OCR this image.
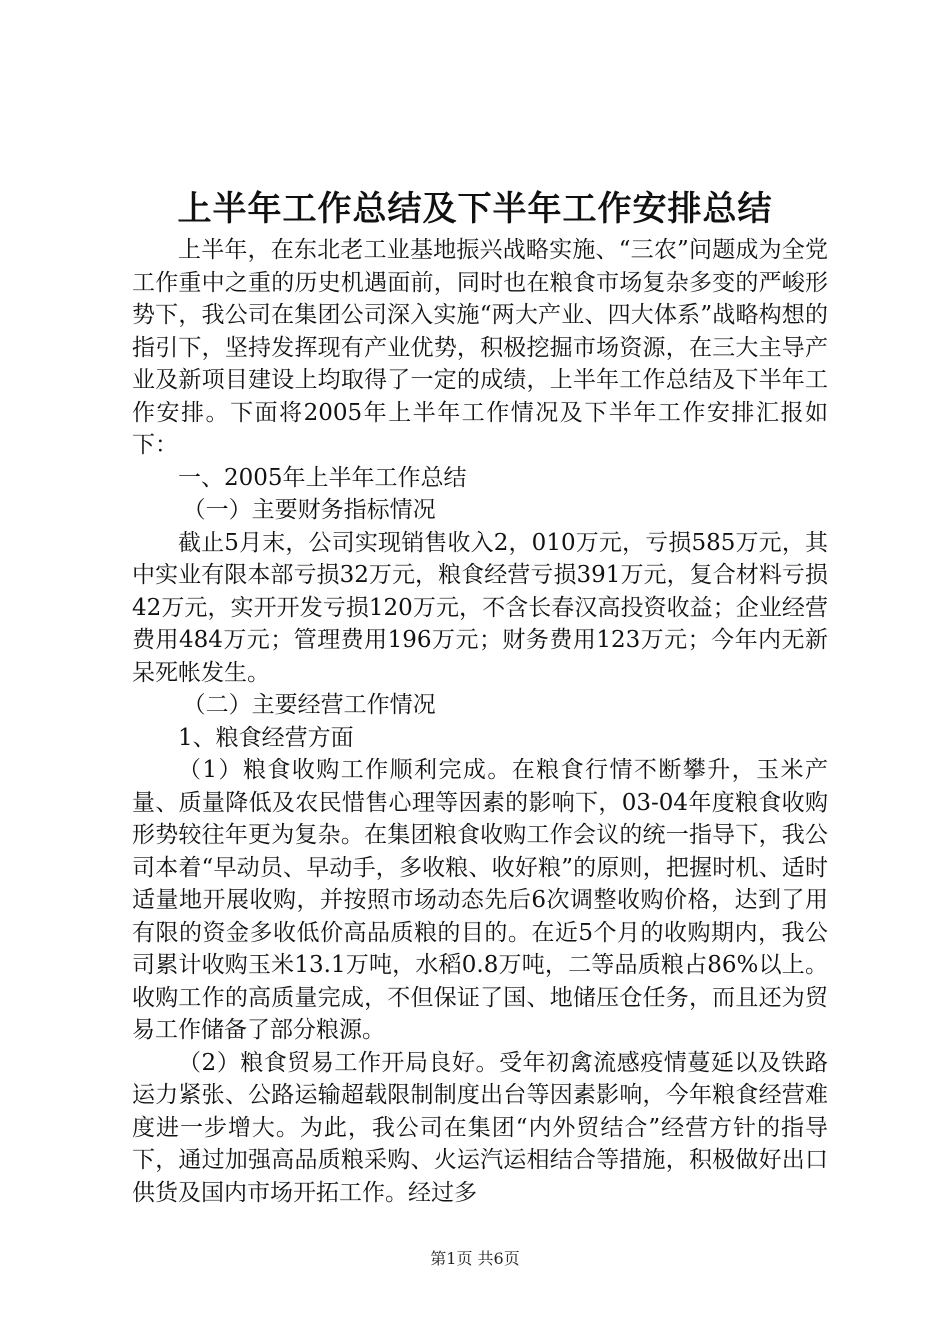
上半年工作总结及下半年工作安排总结

上半年，在东北老工业基地振兴战略实施、“三农”问题成为全党工作重中之重的历史机遇面前，同时也在粮食市场复杂多变的严峻形势下，我公司在集团公司深入实施“两大产业、四大体系”战略构想的指引下，坚持发挥现有产业优势，积极挖掘市场资源，在三大主导产业及新项目建设上均取得了一定的成绩，上半年工作总结及下半年工作安排。下面将2005年上半年工作情况及下半年工作安排汇报如下：

一、2005年上半年工作总结

（一）主要财务指标情况

截止5月末，公司实现销售收入2，010万元，亏损585万元，其中实业有限本部亏损32万元，粮食经营亏损391万元，复合材料亏损42万元，实开开发亏损120万元，不含长春汉高投资收益；企业经营费用484万元；管理费用196万元；财务费用123万元；今年内无新呆死帐发生。

（二）主要经营工作情况

1、粮食经营方面

（1）粮食收购工作顺利完成。在粮食行情不断攀升，玉米产量、质量降低及农民惜售心理等因素的影响下，03-04年度粮食收购形势较往年更为复杂。在集团粮食收购工作会议的统一指导下，我公司本着“早动员、早动手，多收粮、收好粮”的原则，把握时机、适时适量地开展收购，并按照市场动态先后6次调整收购价格，达到了用有限的资金多收低价高品质粮的目的。在近5个月的收购期内，我公司累计收购玉米13.1万吨，水稻0.8万吨，二等品质粮占86%以上。收购工作的高质量完成，不但保证了国、地储压仓任务，而且还为贸易工作储备了部分粮源。

（2）粮食贸易工作开局良好。受年初禽流感疫情蔓延以及铁路运力紧张、公路运输超载限制制度出台等因素影响，今年粮食经营难度进一步增大。为此，我公司在集团“内外贸结合”经营方针的指导下，通过加强高品质粮采购、火运汽运相结合等措施，积极做好出口供货及国内市场开拓工作。经过多

第1页 共6页
